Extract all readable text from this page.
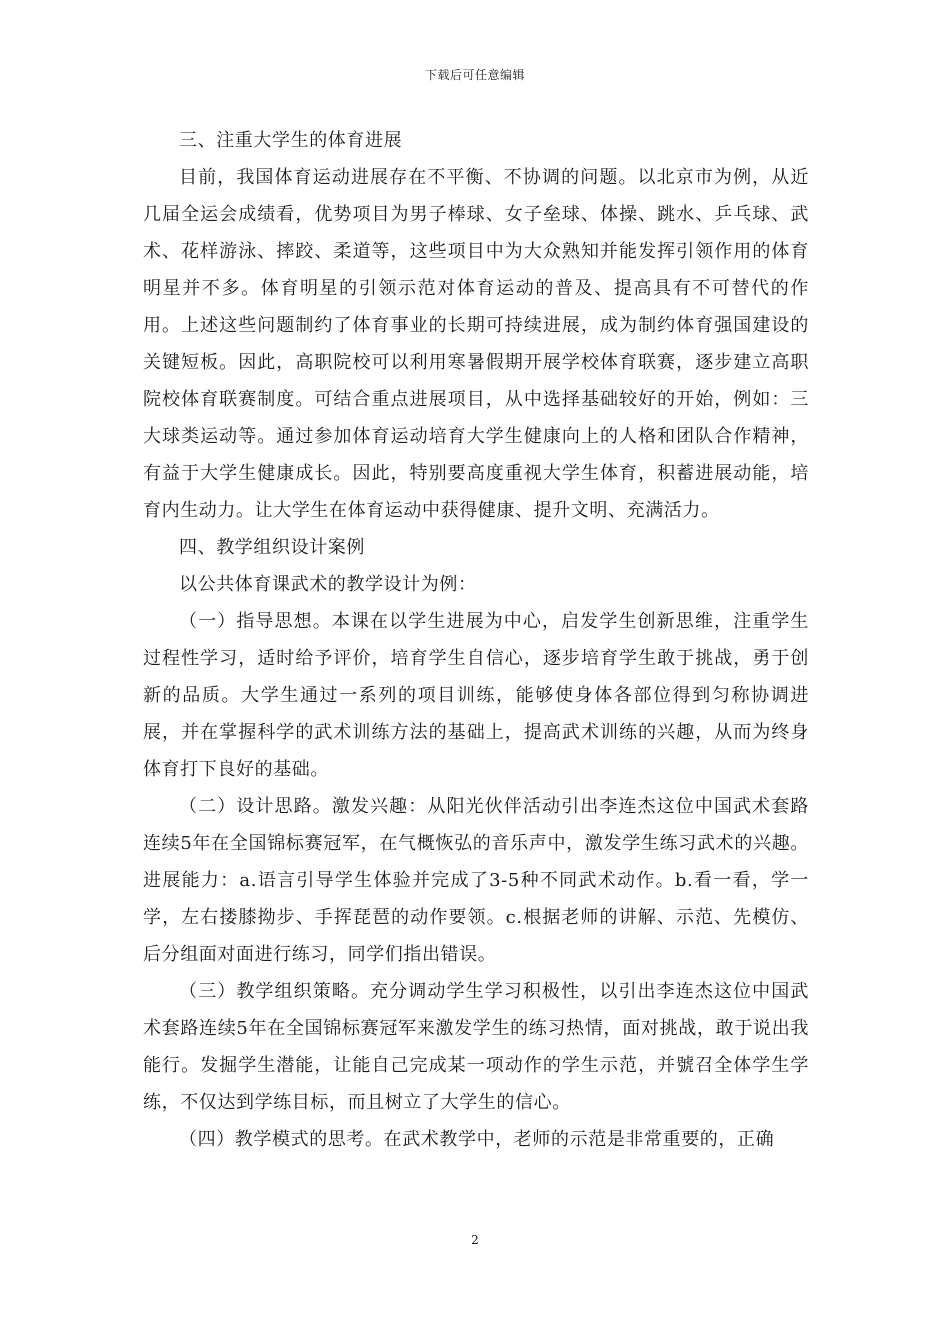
下载后可任意编辑

三、注重大学生的体育进展

目前，我国体育运动进展存在不平衡、不协调的问题。以北京市为例，从近几届全运会成绩看，优势项目为男子棒球、女子垒球、体操、跳水、乒乓球、武术、花样游泳、摔跤、柔道等，这些项目中为大众熟知并能发挥引领作用的体育明星并不多。体育明星的引领示范对体育运动的普及、提高具有不可替代的作用。上述这些问题制约了体育事业的长期可持续进展，成为制约体育强国建设的关键短板。因此，高职院校可以利用寒暑假期开展学校体育联赛，逐步建立高职院校体育联赛制度。可结合重点进展项目，从中选择基础较好的开始，例如：三大球类运动等。通过参加体育运动培育大学生健康向上的人格和团队合作精神，有益于大学生健康成长。因此，特别要高度重视大学生体育，积蓄进展动能，培育内生动力。让大学生在体育运动中获得健康、提升文明、充满活力。

四、教学组织设计案例

以公共体育课武术的教学设计为例：

（一）指导思想。本课在以学生进展为中心，启发学生创新思维，注重学生过程性学习，适时给予评价，培育学生自信心，逐步培育学生敢于挑战，勇于创新的品质。大学生通过一系列的项目训练，能够使身体各部位得到匀称协调进展，并在掌握科学的武术训练方法的基础上，提高武术训练的兴趣，从而为终身体育打下良好的基础。

（二）设计思路。激发兴趣：从阳光伙伴活动引出李连杰这位中国武术套路连续5年在全国锦标赛冠军，在气概恢弘的音乐声中，激发学生练习武术的兴趣。进展能力：a.语言引导学生体验并完成了3-5种不同武术动作。b.看一看，学一学，左右搂膝拗步、手挥琵琶的动作要领。c.根据老师的讲解、示范、先模仿、后分组面对面进行练习，同学们指出错误。

（三）教学组织策略。充分调动学生学习积极性，以引出李连杰这位中国武术套路连续5年在全国锦标赛冠军来激发学生的练习热情，面对挑战，敢于说出我能行。发掘学生潜能，让能自己完成某一项动作的学生示范，并號召全体学生学练，不仅达到学练目标，而且树立了大学生的信心。

（四）教学模式的思考。在武术教学中，老师的示范是非常重要的，正确

2
